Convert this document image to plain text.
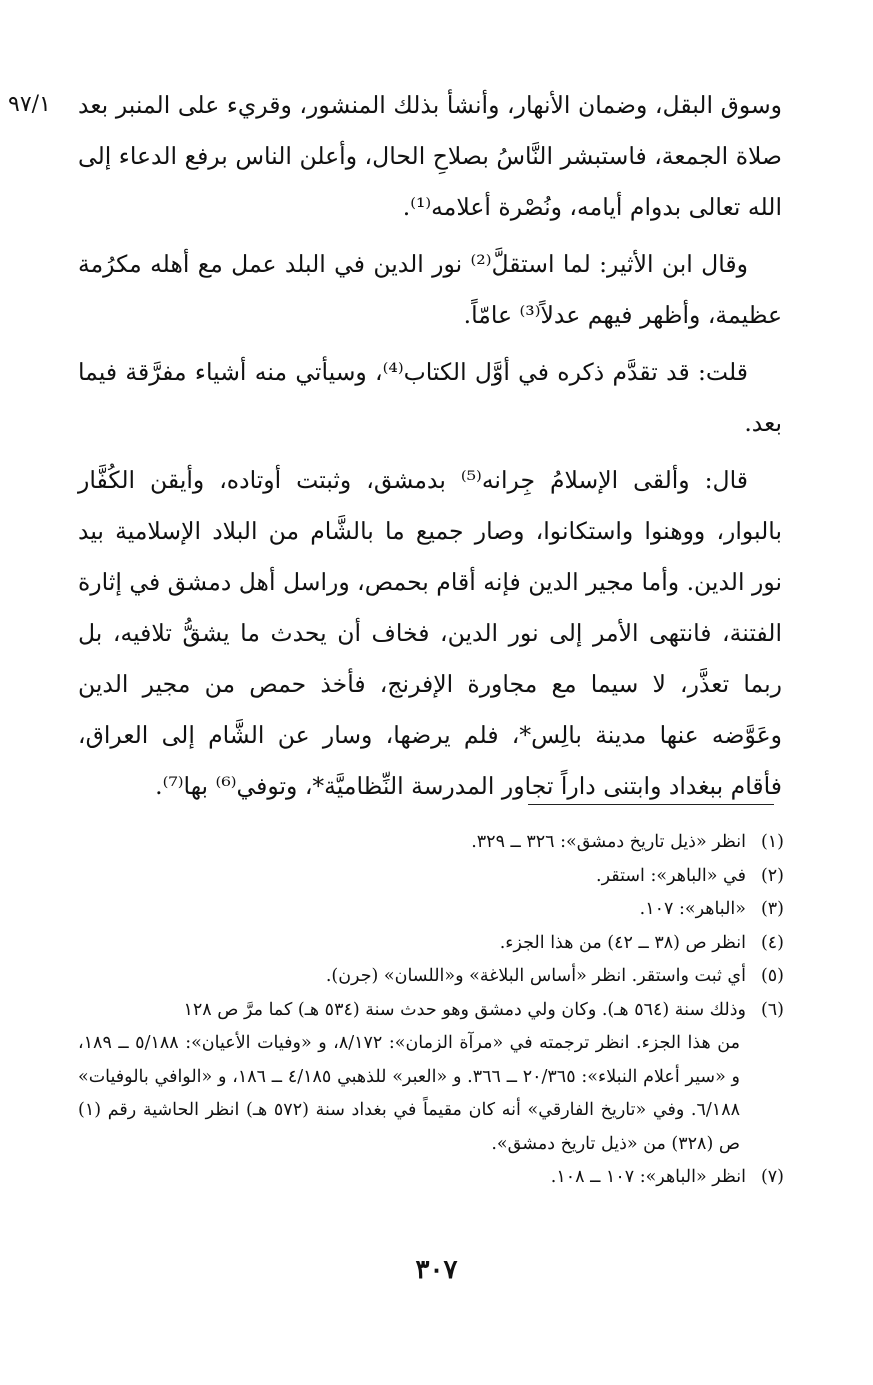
٩٧/١ وسوق البقل، وضمان الأنهار، وأنشأ بذلك المنشور، وقريء على المنبر بعد صلاة الجمعة، فاستبشر النَّاسُ بصلاحِ الحال، وأعلن الناس برفع الدعاء إلى الله تعالى بدوام أيامه، ونُصْرة أعلامه⁽¹⁾.

وقال ابن الأثير: لما استقلَّ⁽²⁾ نور الدين في البلد عمل مع أهله مكرُمة عظيمة، وأظهر فيهم عدلاً⁽³⁾ عامّاً.

قلت: قد تقدَّم ذكره في أوَّل الكتاب⁽⁴⁾، وسيأتي منه أشياء مفرَّقة فيما بعد.

قال: وألقى الإسلامُ جِرانه⁽⁵⁾ بدمشق، وثبتت أوتاده، وأيقن الكُفَّار بالبوار، ووهنوا واستكانوا، وصار جميع ما بالشَّام من البلاد الإسلامية بيد نور الدين. وأما مجير الدين فإنه أقام بحمص، وراسل أهل دمشق في إثارة الفتنة، فانتهى الأمر إلى نور الدين، فخاف أن يحدث ما يشقُّ تلافيه، بل ربما تعذَّر، لا سيما مع مجاورة الإفرنج، فأخذ حمص من مجير الدين وعَوَّضه عنها مدينة بالِس*، فلم يرضها، وسار عن الشَّام إلى العراق، فأقام ببغداد وابتنى داراً تجاور المدرسة النِّظاميَّة*، وتوفي⁽⁶⁾ بها⁽⁷⁾.

(١)انظر «ذيل تاريخ دمشق»: ٣٢٦ ــ ٣٢٩.

(٢)في «الباهر»: استقر.

(٣)«الباهر»: ١٠٧.

(٤)انظر ص (٣٨ ــ ٤٢) من هذا الجزء.

(٥)أي ثبت واستقر. انظر «أساس البلاغة» و«اللسان» (جرن).

(٦)وذلك سنة (٥٦٤ هـ). وكان ولي دمشق وهو حدث سنة (٥٣٤ هـ) كما مرَّ ص ١٢٨
من هذا الجزء. انظر ترجمته في «مرآة الزمان»: ٨/١٧٢، و «وفيات الأعيان»: ٥/١٨٨ ــ ١٨٩، و «سير أعلام النبلاء»: ٢٠/٣٦٥ ــ ٣٦٦. و «العبر» للذهبي ٤/١٨٥ ــ ١٨٦، و «الوافي بالوفيات» ٦/١٨٨. وفي «تاريخ الفارقي» أنه كان مقيماً في بغداد سنة (٥٧٢ هـ) انظر الحاشية رقم (١) ص (٣٢٨) من «ذيل تاريخ دمشق».

(٧)انظر «الباهر»: ١٠٧ ــ ١٠٨.

٣٠٧
